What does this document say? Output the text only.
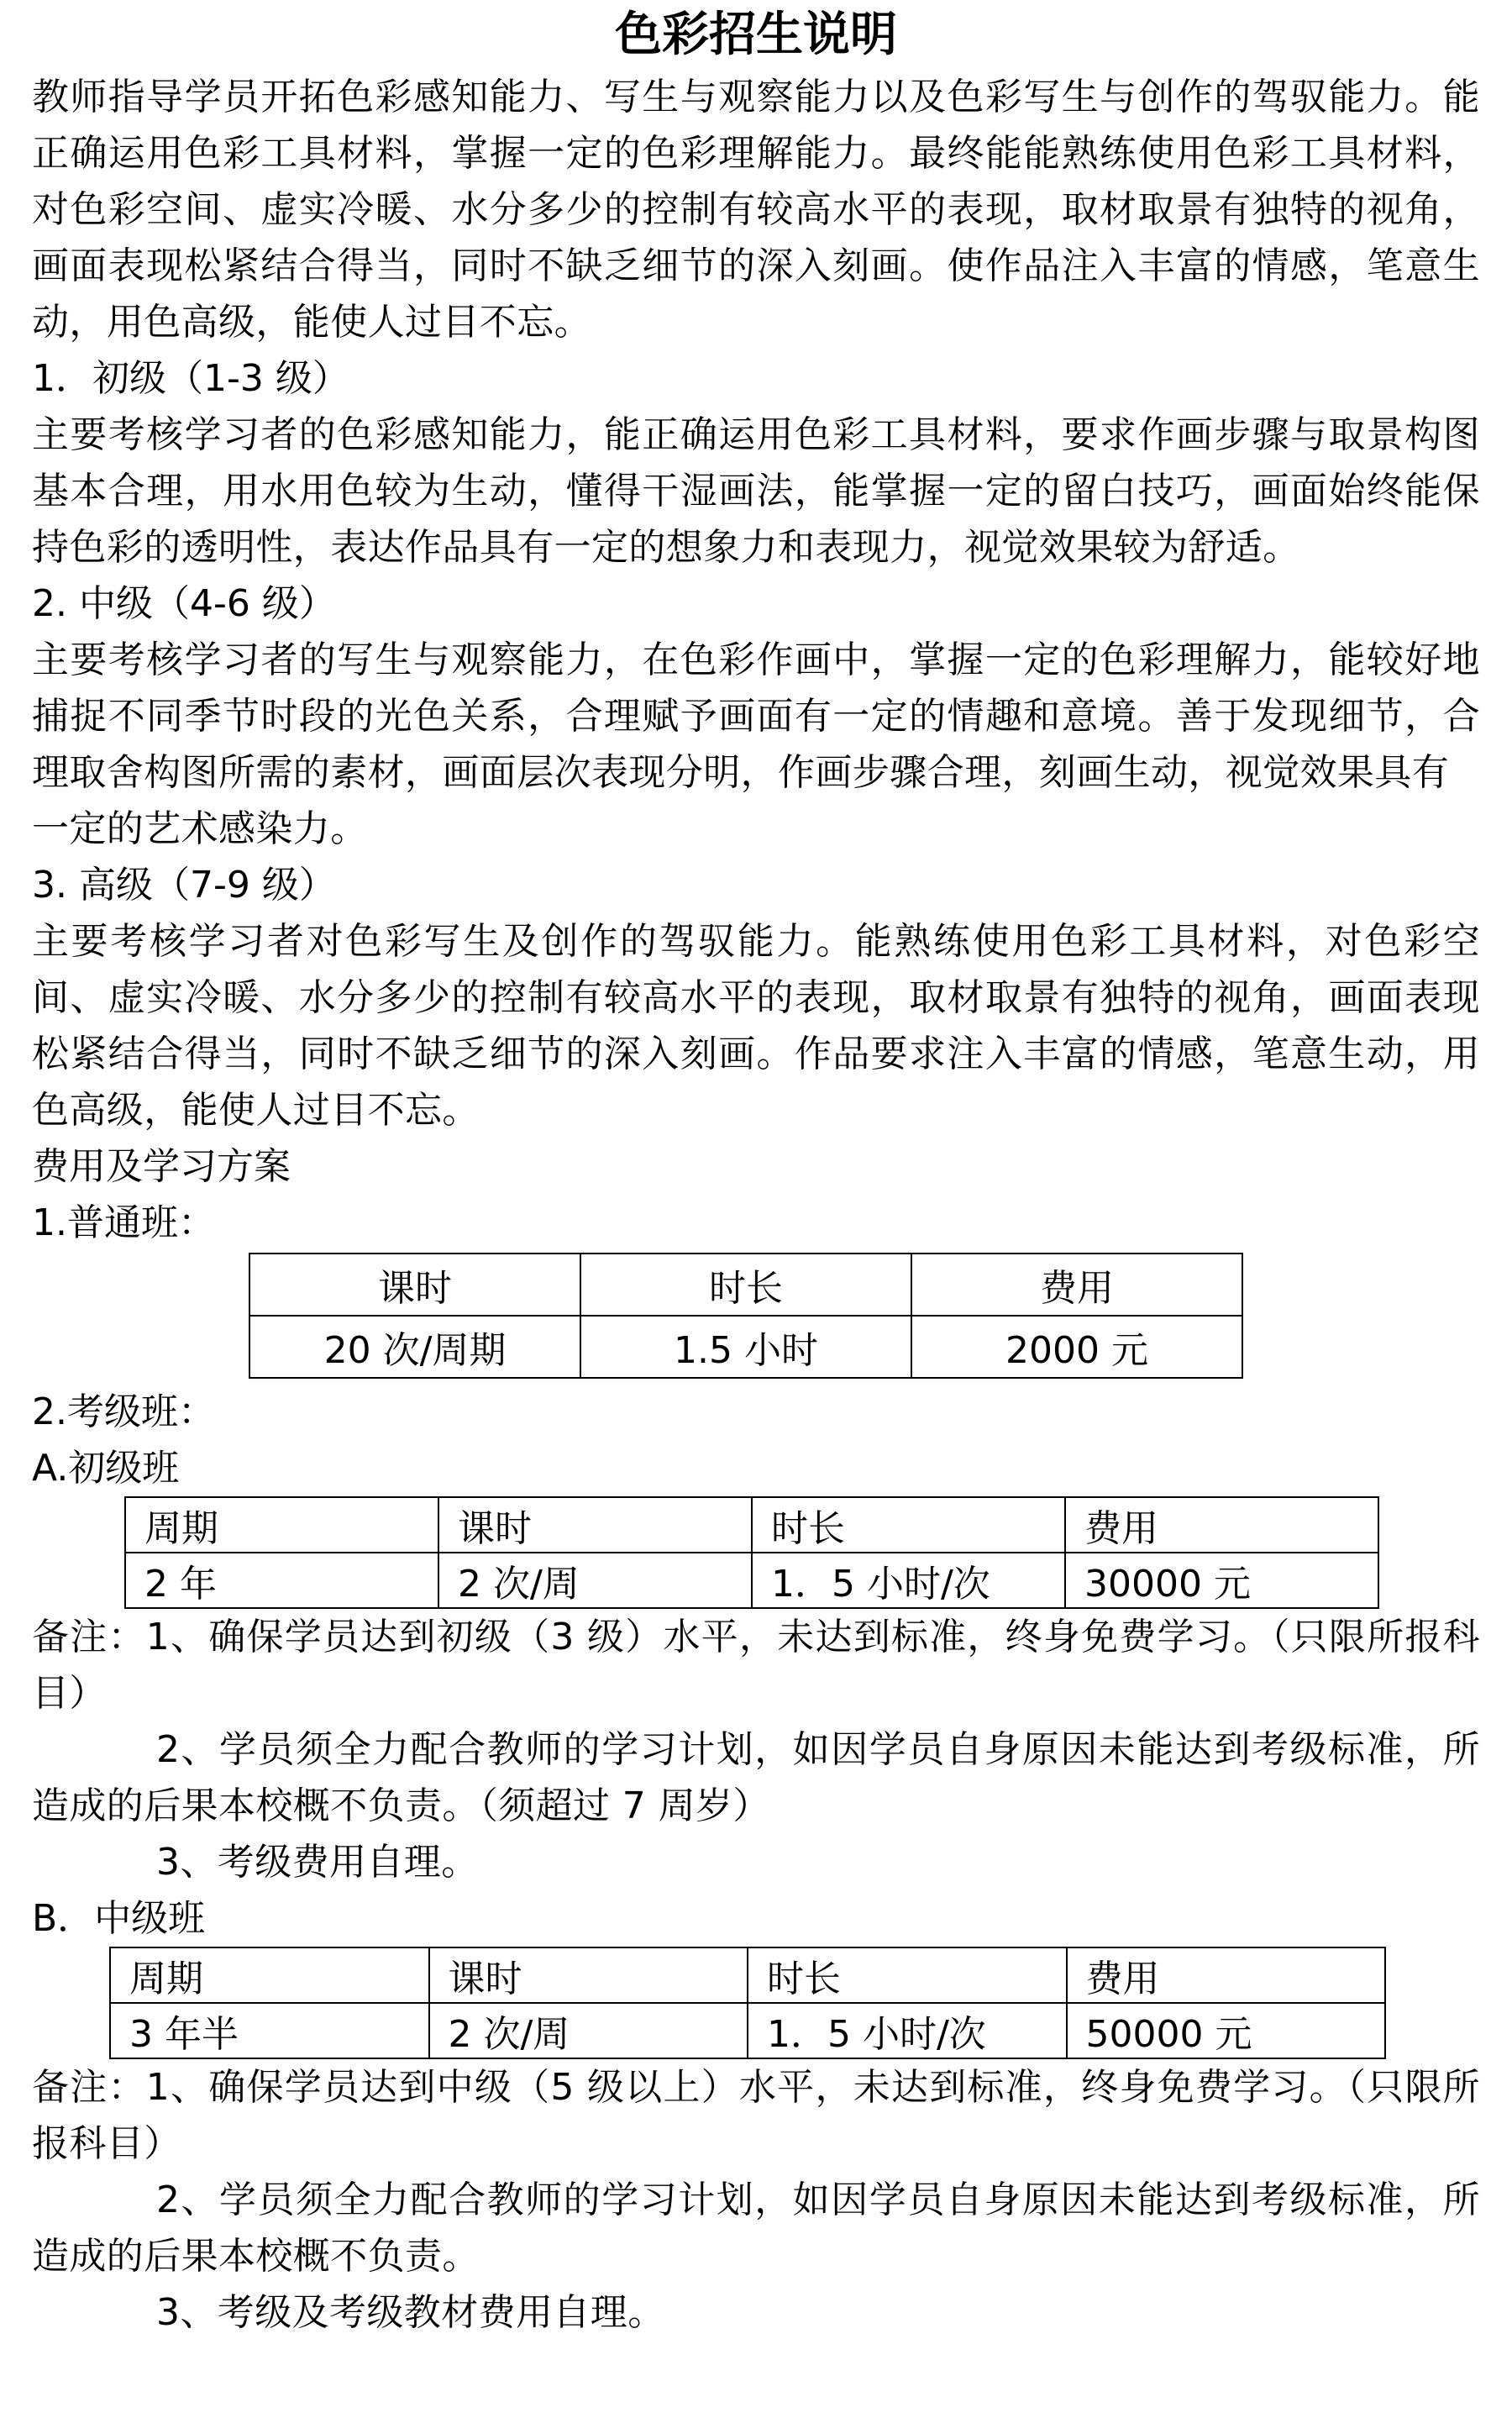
色彩招生说明

教师指导学员开拓色彩感知能力、写生与观察能力以及色彩写生与创作的驾驭能力。能正确运用色彩工具材料，掌握一定的色彩理解能力。最终能能熟练使用色彩工具材料，对色彩空间、虚实冷暖、水分多少的控制有较高水平的表现，取材取景有独特的视角，画面表现松紧结合得当，同时不缺乏细节的深入刻画。使作品注入丰富的情感，笔意生动，用色高级，能使人过目不忘。

1．初级（1-3 级）

主要考核学习者的色彩感知能力，能正确运用色彩工具材料，要求作画步骤与取景构图基本合理，用水用色较为生动，懂得干湿画法，能掌握一定的留白技巧，画面始终能保持色彩的透明性，表达作品具有一定的想象力和表现力，视觉效果较为舒适。

2. 中级（4-6 级）

主要考核学习者的写生与观察能力，在色彩作画中，掌握一定的色彩理解力，能较好地捕捉不同季节时段的光色关系，合理赋予画面有一定的情趣和意境。善于发现细节，合理取舍构图所需的素材，画面层次表现分明，作画步骤合理，刻画生动，视觉效果具有

一定的艺术感染力。

3. 高级（7-9 级）

主要考核学习者对色彩写生及创作的驾驭能力。能熟练使用色彩工具材料，对色彩空间、虚实冷暖、水分多少的控制有较高水平的表现，取材取景有独特的视角，画面表现松紧结合得当，同时不缺乏细节的深入刻画。作品要求注入丰富的情感，笔意生动，用色高级，能使人过目不忘。

费用及学习方案

1.普通班：

课时	时长	费用
20 次/周期	1.5 小时	2000 元

2.考级班：

A.初级班

周期	课时	时长	费用
2 年	2 次/周	1．5 小时/次	30000 元

备注：1、确保学员达到初级（3 级）水平，未达到标准，终身免费学习。（只限所报科目）

2、学员须全力配合教师的学习计划，如因学员自身原因未能达到考级标准，所造成的后果本校概不负责。（须超过 7 周岁）

3、考级费用自理。

B．中级班

周期	课时	时长	费用
3 年半	2 次/周	1．5 小时/次	50000 元

备注：1、确保学员达到中级（5 级以上）水平，未达到标准，终身免费学习。（只限所报科目）

2、学员须全力配合教师的学习计划，如因学员自身原因未能达到考级标准，所造成的后果本校概不负责。

3、考级及考级教材费用自理。
